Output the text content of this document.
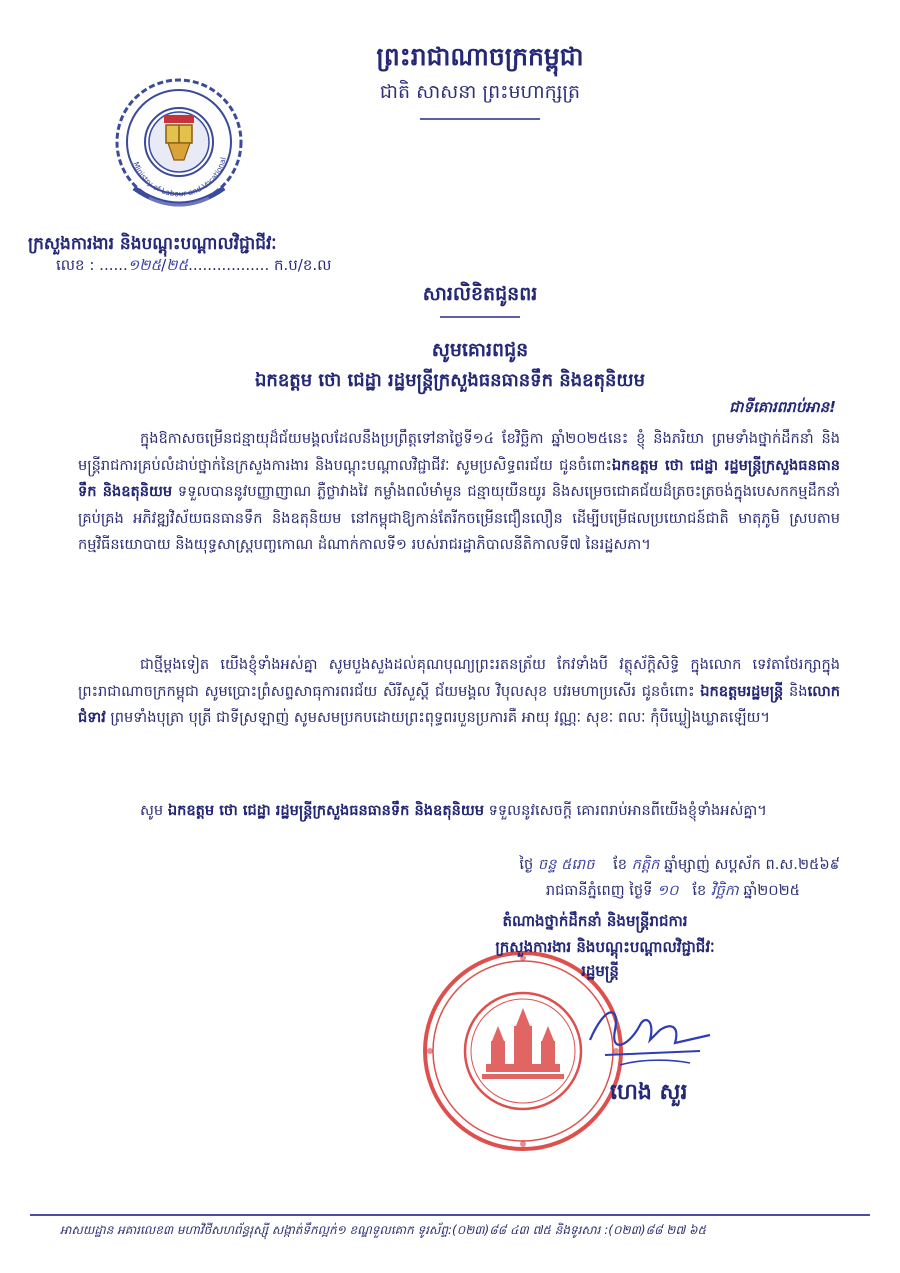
Ministry of Labour and Vocational
ព្រះរាជាណាចក្រកម្ពុជា
ជាតិ សាសនា ព្រះមហាក្សត្រ
ក្រសួងការងារ និងបណ្តុះបណ្តាលវិជ្ជាជីវៈ
លេខ : ......១២៥/២៥................. ក.ប/ខ.ល
សារលិខិតជូនពរ
សូមគោរពជូន
ឯកឧត្តម ថោ ជេដ្ឋា រដ្ឋមន្ត្រីក្រសួងធនធានទឹក និងឧតុនិយម
ជាទីគោរពរាប់អាន!
ក្នុងឱកាសចម្រើនជន្មាយុដ៏ជ័យមង្គលដែលនឹងប្រព្រឹត្តទៅនាថ្ងៃទី១៤ ខែវិច្ឆិកា ឆ្នាំ២០២៥នេះ ខ្ញុំ និងភរិយា ព្រមទាំងថ្នាក់ដឹកនាំ និងមន្ត្រីរាជការគ្រប់លំដាប់ថ្នាក់នៃក្រសួងការងារ និងបណ្តុះបណ្តាលវិជ្ជាជីវៈ សូមប្រសិទ្ធពរជ័យ ជូនចំពោះឯកឧត្តម ថោ ជេដ្ឋា រដ្ឋមន្ត្រីក្រសួងធនធានទឹក និងឧតុនិយម ទទួលបាននូវបញ្ញាញាណ ភ្លឺថ្លាវាងវៃ កម្លាំងពលំមាំមួន ជន្មាយុយឺនយូរ និងសម្រេចជោគជ័យដ៏ត្រចះត្រចង់ក្នុងបេសកកម្មដឹកនាំគ្រប់គ្រង អភិវឌ្ឍវិស័យធនធានទឹក និងឧតុនិយម នៅកម្ពុជាឱ្យកាន់តែរីកចម្រើនជឿនលឿន ដើម្បីបម្រើផលប្រយោជន៍ជាតិ មាតុភូមិ ស្របតាមកម្មវិធីនយោបាយ និងយុទ្ធសាស្ត្របញ្ចកោណ ដំណាក់កាលទី១ របស់រាជរដ្ឋាភិបាលនីតិកាលទី៧ នៃរដ្ឋសភា។
ជាថ្មីម្តងទៀត យើងខ្ញុំទាំងអស់គ្នា សូមបួងសួងដល់គុណបុណ្យព្រះរតនត្រ័យ កែវទាំងបី វត្ថុស័ក្តិសិទ្ធិ ក្នុងលោក ទេវតាថែរក្សាក្នុងព្រះរាជាណាចក្រកម្ពុជា សូមប្រោះព្រំសព្ទសាធុការពរជ័យ សិរីសួស្តី ជ័យមង្គល វិបុលសុខ បវរមហាប្រសើរ ជូនចំពោះ ឯកឧត្តមរដ្ឋមន្ត្រី និងលោកជំទាវ ព្រមទាំងបុត្រា បុត្រី ជាទីស្រឡាញ់ សូមសមប្រកបដោយព្រះពុទ្ធពរបួនប្រការគឺ អាយុ វណ្ណៈ សុខៈ ពលៈ កុំបីឃ្លៀងឃ្លាតឡើយ។
សូម ឯកឧត្តម ថោ ជេដ្ឋា រដ្ឋមន្ត្រីក្រសួងធនធានទឹក និងឧតុនិយម ទទួលនូវសេចក្តី គោរពរាប់អានពីយើងខ្ញុំទាំងអស់គ្នា។
ថ្ងៃ ចន្ទ ៥រោច ខែ កត្ដិក ឆ្នាំម្សាញ់ សប្តស័ក ព.ស.២៥៦៩
រាជធានីភ្នំពេញ ថ្ងៃទី ១០ ខែ វិច្ឆិកា ឆ្នាំ២០២៥
តំណាងថ្នាក់ដឹកនាំ និងមន្ត្រីរាជការ
ក្រសួងការងារ និងបណ្តុះបណ្តាលវិជ្ជាជីវៈ
រដ្ឋមន្ត្រី
ហេង សួរ
អាសយដ្ឋាន អគារលេខ៣ មហាវិថីសហព័ន្ធរុស្ស៊ី សង្កាត់ទឹកល្អក់១ ខណ្ឌទួលគោក ទូរស័ព្ទ:(០២៣)៨៨ ៤៣ ៧៥ និងទូរសារ :(០២៣)៨៨ ២៧ ៦៥
